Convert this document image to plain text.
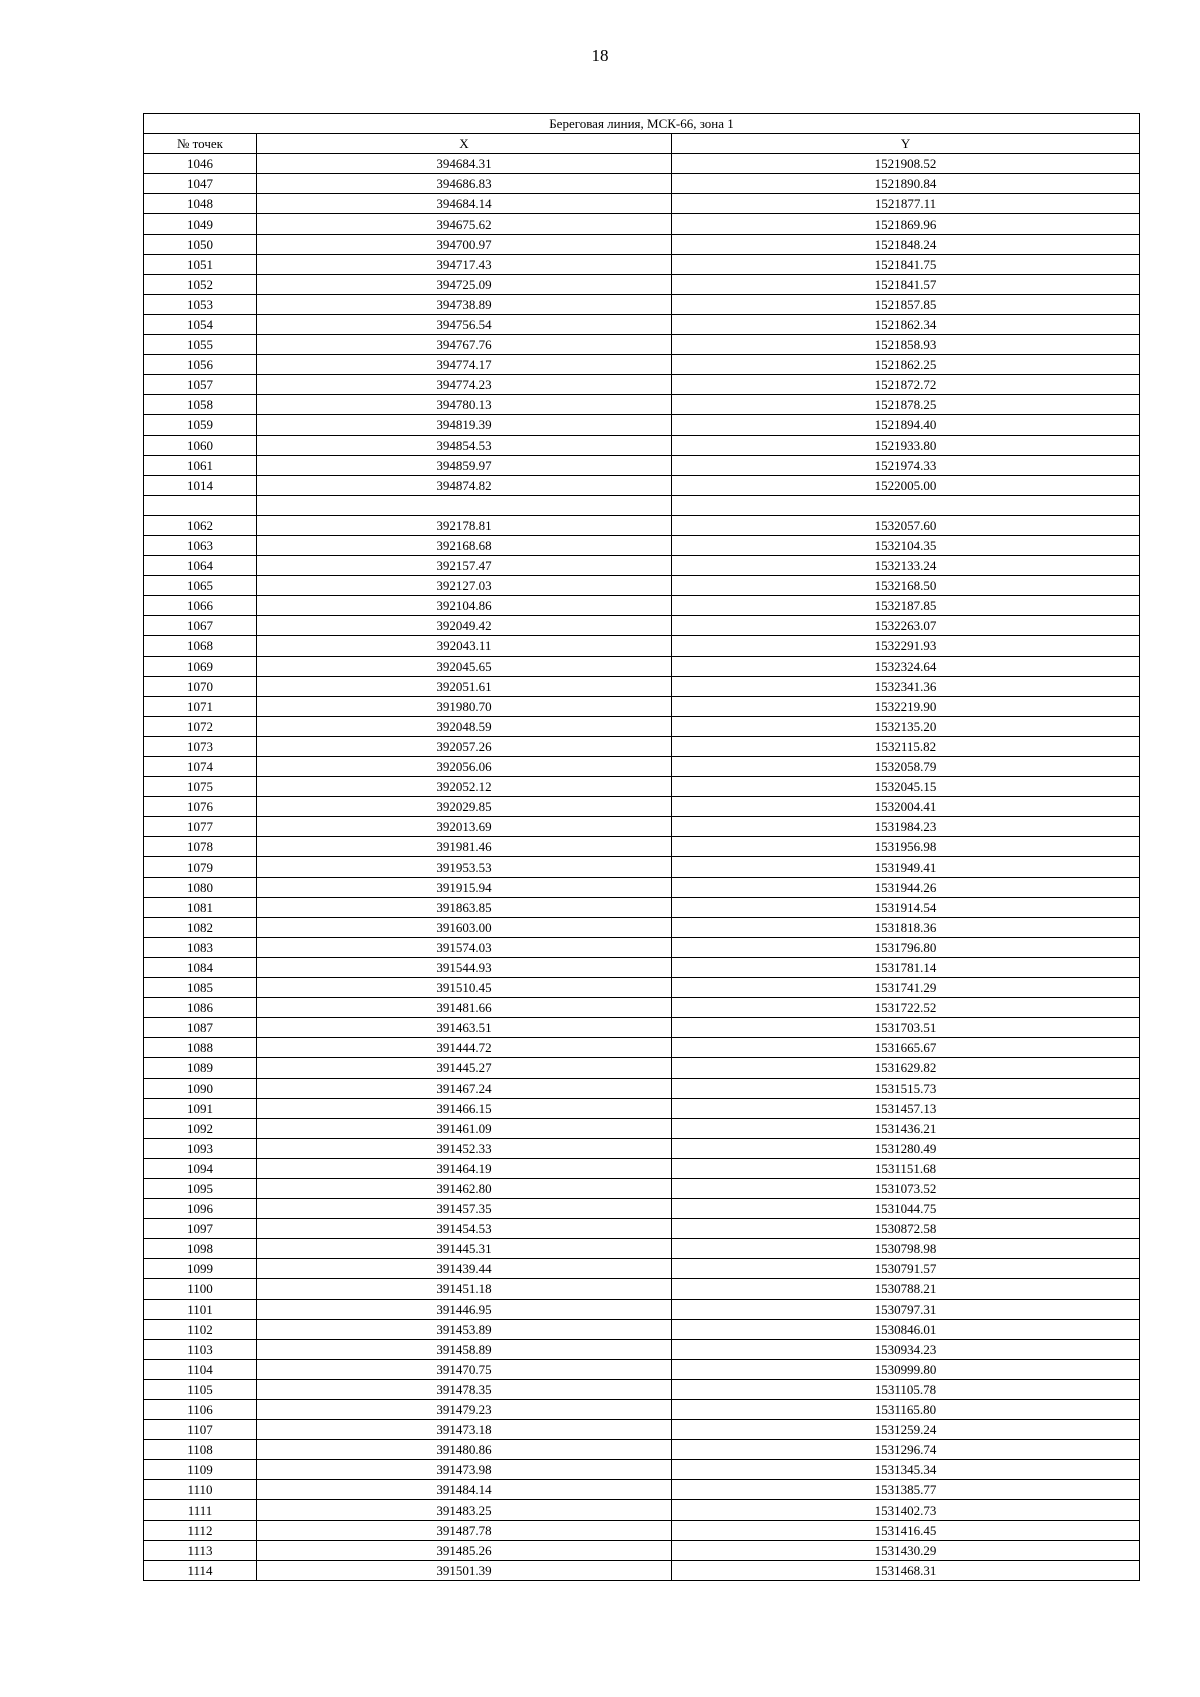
18
Береговая линия, МСК-66, зона 1		
№ точек	X	Y
1046	394684.31	1521908.52
1047	394686.83	1521890.84
1048	394684.14	1521877.11
1049	394675.62	1521869.96
1050	394700.97	1521848.24
1051	394717.43	1521841.75
1052	394725.09	1521841.57
1053	394738.89	1521857.85
1054	394756.54	1521862.34
1055	394767.76	1521858.93
1056	394774.17	1521862.25
1057	394774.23	1521872.72
1058	394780.13	1521878.25
1059	394819.39	1521894.40
1060	394854.53	1521933.80
1061	394859.97	1521974.33
1014	394874.82	1522005.00

1062	392178.81	1532057.60
1063	392168.68	1532104.35
1064	392157.47	1532133.24
1065	392127.03	1532168.50
1066	392104.86	1532187.85
1067	392049.42	1532263.07
1068	392043.11	1532291.93
1069	392045.65	1532324.64
1070	392051.61	1532341.36
1071	391980.70	1532219.90
1072	392048.59	1532135.20
1073	392057.26	1532115.82
1074	392056.06	1532058.79
1075	392052.12	1532045.15
1076	392029.85	1532004.41
1077	392013.69	1531984.23
1078	391981.46	1531956.98
1079	391953.53	1531949.41
1080	391915.94	1531944.26
1081	391863.85	1531914.54
1082	391603.00	1531818.36
1083	391574.03	1531796.80
1084	391544.93	1531781.14
1085	391510.45	1531741.29
1086	391481.66	1531722.52
1087	391463.51	1531703.51
1088	391444.72	1531665.67
1089	391445.27	1531629.82
1090	391467.24	1531515.73
1091	391466.15	1531457.13
1092	391461.09	1531436.21
1093	391452.33	1531280.49
1094	391464.19	1531151.68
1095	391462.80	1531073.52
1096	391457.35	1531044.75
1097	391454.53	1530872.58
1098	391445.31	1530798.98
1099	391439.44	1530791.57
1100	391451.18	1530788.21
1101	391446.95	1530797.31
1102	391453.89	1530846.01
1103	391458.89	1530934.23
1104	391470.75	1530999.80
1105	391478.35	1531105.78
1106	391479.23	1531165.80
1107	391473.18	1531259.24
1108	391480.86	1531296.74
1109	391473.98	1531345.34
1110	391484.14	1531385.77
1111	391483.25	1531402.73
1112	391487.78	1531416.45
1113	391485.26	1531430.29
1114	391501.39	1531468.31
